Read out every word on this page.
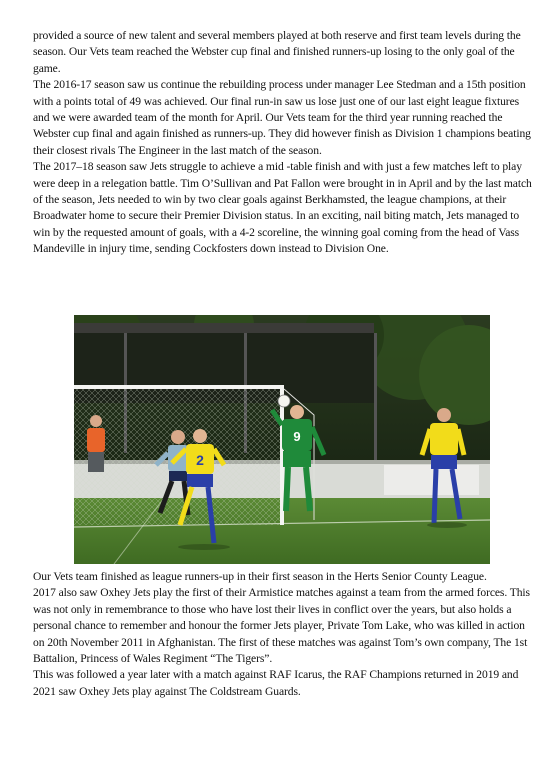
provided a source of new talent and several members played at both reserve and first team levels during the season. Our Vets team reached the Webster cup final and finished runners-up losing to the only goal of the game.

The 2016-17 season saw us continue the rebuilding process under manager Lee Stedman and a 15th position with a points total of 49 was achieved. Our final run-in saw us lose just one of our last eight league fixtures and we were awarded team of the month for April. Our Vets team for the third year running reached the Webster cup final and again finished as runners-up. They did however finish as Division 1 champions beating their closest rivals The Engineer in the last match of the season.

The 2017–18 season saw Jets struggle to achieve a mid -table finish and with just a few matches left to play were deep in a relegation battle. Tim O’Sullivan and Pat Fallon were brought in in April and by the last match of the season, Jets needed to win by two clear goals against Berkhamsted, the league champions, at their Broadwater home to secure their Premier Division status. In an exciting, nail biting match, Jets managed to win by the requested amount of goals, with a 4-2 scoreline, the winning goal coming from the head of Vass Mandeville in injury time, sending Cockfosters down instead to Division One.

2
9

Our Vets team finished as league runners-up in their first season in the Herts Senior County League.

2017 also saw Oxhey Jets play the first of their Armistice matches against a team from the armed forces. This was not only in remembrance to those who have lost their lives in conflict over the years, but also holds a personal chance to remember and honour the former Jets player, Private Tom Lake, who was killed in action on 20th November 2011 in Afghanistan. The first of these matches was against Tom’s own company, The 1st Battalion, Princess of Wales Regiment “The Tigers”.

This was followed a year later with a match against RAF Icarus, the RAF Champions returned in 2019 and 2021 saw Oxhey Jets play against The Coldstream Guards.
